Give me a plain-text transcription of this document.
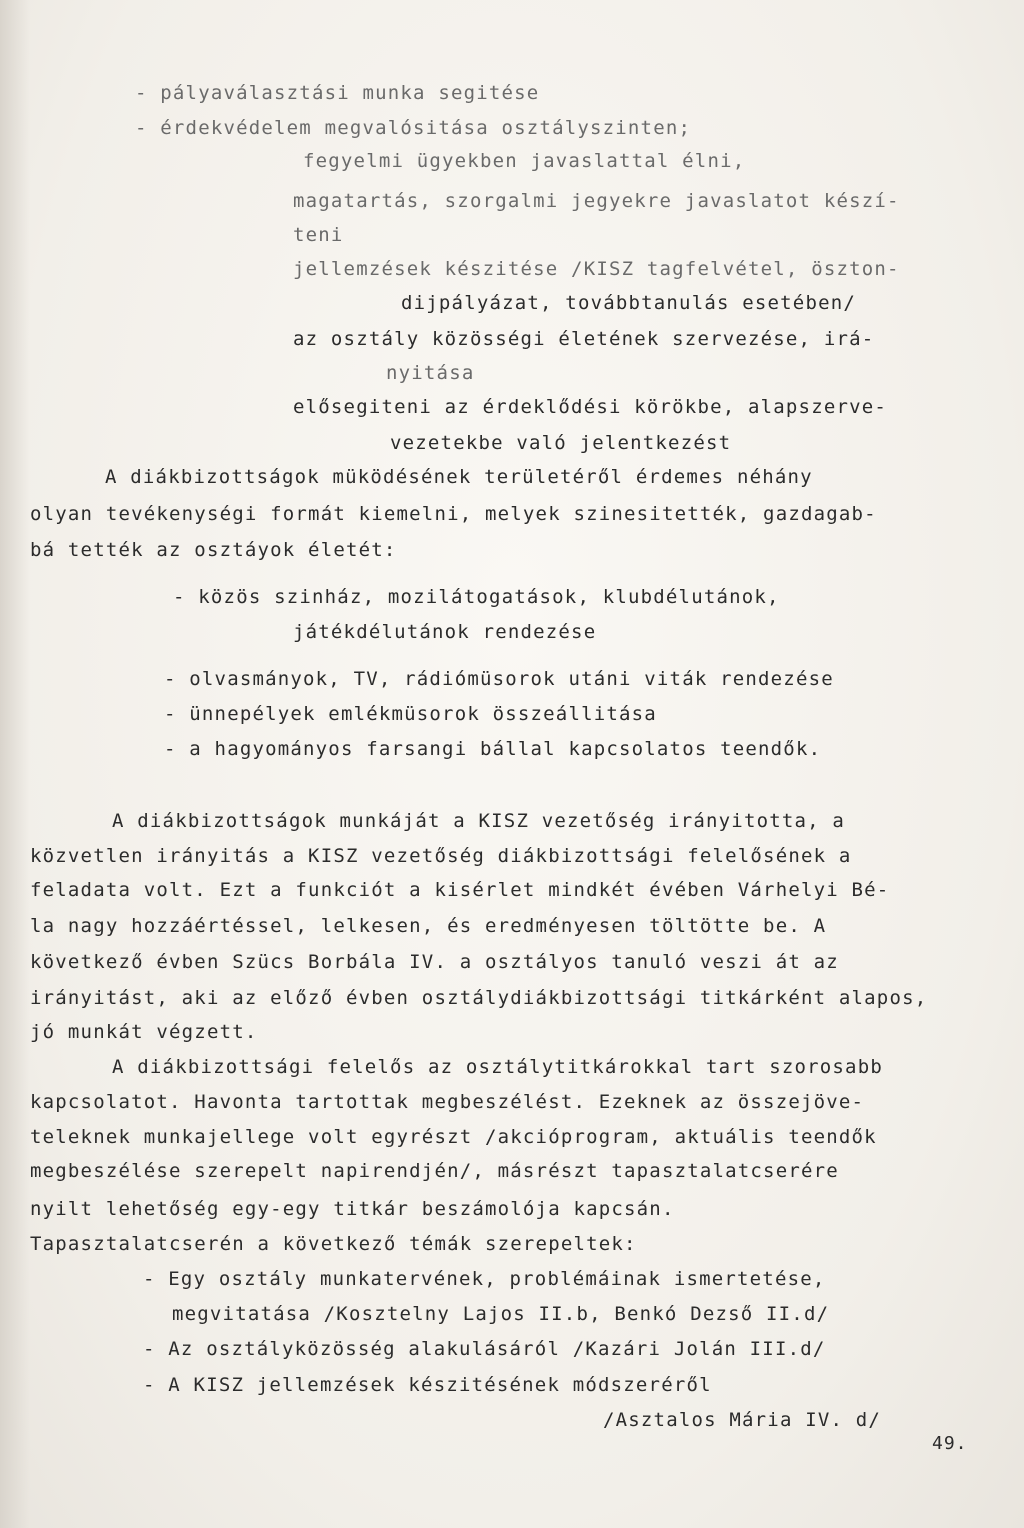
- pályaválasztási munka segitése
- érdekvédelem megvalósitása osztályszinten;
fegyelmi ügyekben javaslattal élni,
magatartás, szorgalmi jegyekre javaslatot készí-
teni
jellemzések készitése /KISZ tagfelvétel, öszton-
dijpályázat, továbbtanulás esetében/
az osztály közösségi életének szervezése, irá-
nyitása
elősegiteni az érdeklődési körökbe, alapszerve-
vezetekbe való jelentkezést
A diákbizottságok müködésének területéről érdemes néhány
olyan tevékenységi formát kiemelni, melyek szinesitették, gazdagab-
bá tették az osztáyok életét:
- közös szinház, mozilátogatások, klubdélutánok,
játékdélutánok rendezése
- olvasmányok, TV, rádiómüsorok utáni viták rendezése
- ünnepélyek emlékmüsorok összeállitása
- a hagyományos farsangi bállal kapcsolatos teendők.
A diákbizottságok munkáját a KISZ vezetőség irányitotta, a
közvetlen irányitás a KISZ vezetőség diákbizottsági felelősének a
feladata volt. Ezt a funkciót a kisérlet mindkét évében Várhelyi Bé-
la nagy hozzáértéssel, lelkesen, és eredményesen töltötte be. A
következő évben Szücs Borbála IV. a osztályos tanuló veszi át az
irányitást, aki az előző évben osztálydiákbizottsági titkárként alapos,
jó munkát végzett.
A diákbizottsági felelős az osztálytitkárokkal tart szorosabb
kapcsolatot. Havonta tartottak megbeszélést. Ezeknek az összejöve-
teleknek munkajellege volt egyrészt /akcióprogram, aktuális teendők
megbeszélése szerepelt napirendjén/, másrészt tapasztalatcserére
nyilt lehetőség egy-egy titkár beszámolója kapcsán.
Tapasztalatcserén a következő témák szerepeltek:
- Egy osztály munkatervének, problémáinak ismertetése,
megvitatása /Kosztelny Lajos II.b, Benkó Dezső II.d/
- Az osztályközösség alakulásáról /Kazári Jolán III.d/
- A KISZ jellemzések készitésének módszeréről
/Asztalos Mária IV. d/
49.
